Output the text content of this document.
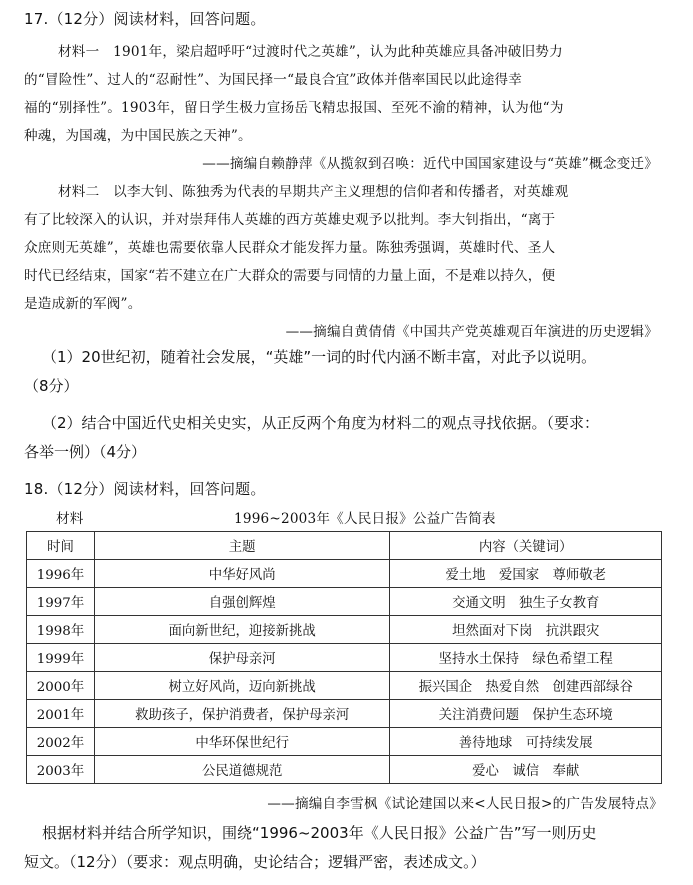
17.（12分）阅读材料，回答问题。
材料一　1901年，梁启超呼吁“过渡时代之英雄”，认为此种英雄应具备冲破旧势力
的“冒险性”、过人的“忍耐性”、为国民择一“最良合宜”政体并偕率国民以此途得幸
福的“别择性”。1903年，留日学生极力宣扬岳飞精忠报国、至死不渝的精神，认为他“为
种魂，为国魂，为中国民族之天神”。
——摘编自赖静萍《从揽叙到召唤：近代中国国家建设与“英雄”概念变迁》
材料二　以李大钊、陈独秀为代表的早期共产主义理想的信仰者和传播者，对英雄观
有了比较深入的认识，并对崇拜伟人英雄的西方英雄史观予以批判。李大钊指出，“离于
众庶则无英雄”，英雄也需要依靠人民群众才能发挥力量。陈独秀强调，英雄时代、圣人
时代已经结束，国家“若不建立在广大群众的需要与同情的力量上面，不是难以持久，便
是造成新的军阀”。
——摘编自黄倩倩《中国共产党英雄观百年演进的历史逻辑》
（1）20世纪初，随着社会发展，“英雄”一词的时代内涵不断丰富，对此予以说明。
（8分）
（2）结合中国近代史相关史实，从正反两个角度为材料二的观点寻找依据。（要求：
各举一例）（4分）
18.（12分）阅读材料，回答问题。
材料	1996~2003年《人民日报》公益广告简表
时间	主题	内容（关键词）
1996年	中华好风尚	爱土地　爱国家　尊师敬老
1997年	自强创辉煌	交通文明　独生子女教育
1998年	面向新世纪，迎接新挑战	坦然面对下岗　抗洪跟灾
1999年	保护母亲河	坚持水土保持　绿色希望工程
2000年	树立好风尚，迈向新挑战	振兴国企　热爱自然　创建西部绿谷
2001年	救助孩子，保护消费者，保护母亲河	关注消费问题　保护生态环境
2002年	中华环保世纪行	善待地球　可持续发展
2003年	公民道德规范	爱心　诚信　奉献
——摘编自李雪枫《试论建国以来<人民日报>的广告发展特点》
根据材料并结合所学知识，围绕“1996~2003年《人民日报》公益广告”写一则历史
短文。（12分）（要求：观点明确，史论结合；逻辑严密，表述成文。）
